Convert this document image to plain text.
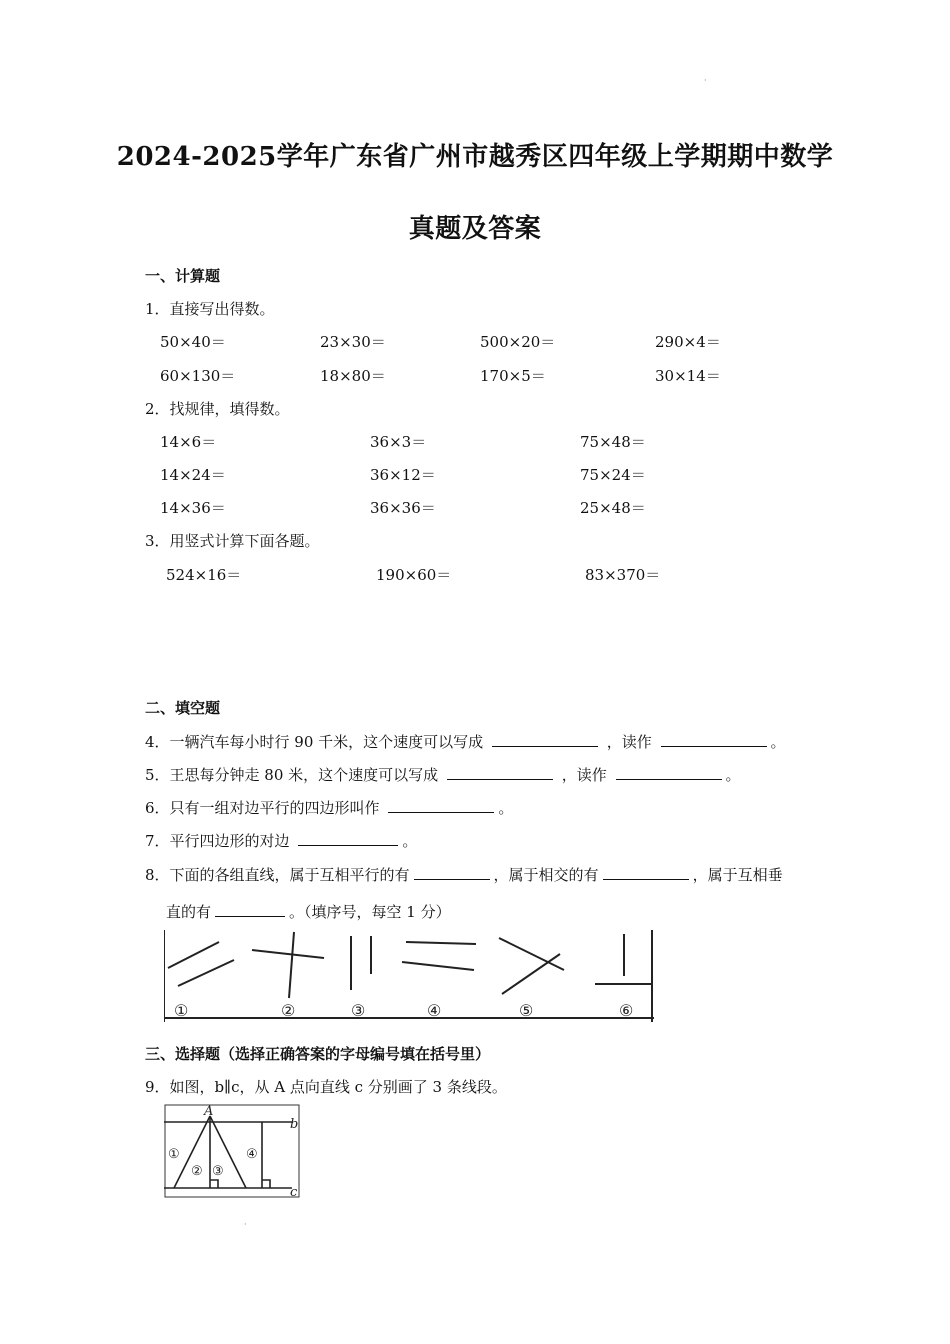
·
2024-2025学年广东省广州市越秀区四年级上学期期中数学
真题及答案
一、计算题
1．直接写出得数。
50×40＝	23×30＝	500×20＝	290×4＝
60×130＝	18×80＝	170×5＝	30×14＝
2．找规律，填得数。
14×6＝	36×3＝	75×48＝
14×24＝	36×12＝	75×24＝
14×36＝	36×36＝	25×48＝
3．用竖式计算下面各题。
524×16＝	190×60＝	83×370＝
二、填空题
4．一辆汽车每小时行 90 千米，这个速度可以写成	，读作	。
5．王思每分钟走 80 米，这个速度可以写成	，读作	。
6．只有一组对边平行的四边形叫作	。
7．平行四边形的对边	。
8．下面的各组直线，属于互相平行的有	，属于相交的有	，属于互相垂
直的有	。（填序号，每空 1 分）
①	②	③	④	⑤	⑥
三、选择题（选择正确答案的字母编号填在括号里）
9．如图，b∥c，从 A 点向直线 c 分别画了 3 条线段。
A
b
c
①
② ③
④
·
